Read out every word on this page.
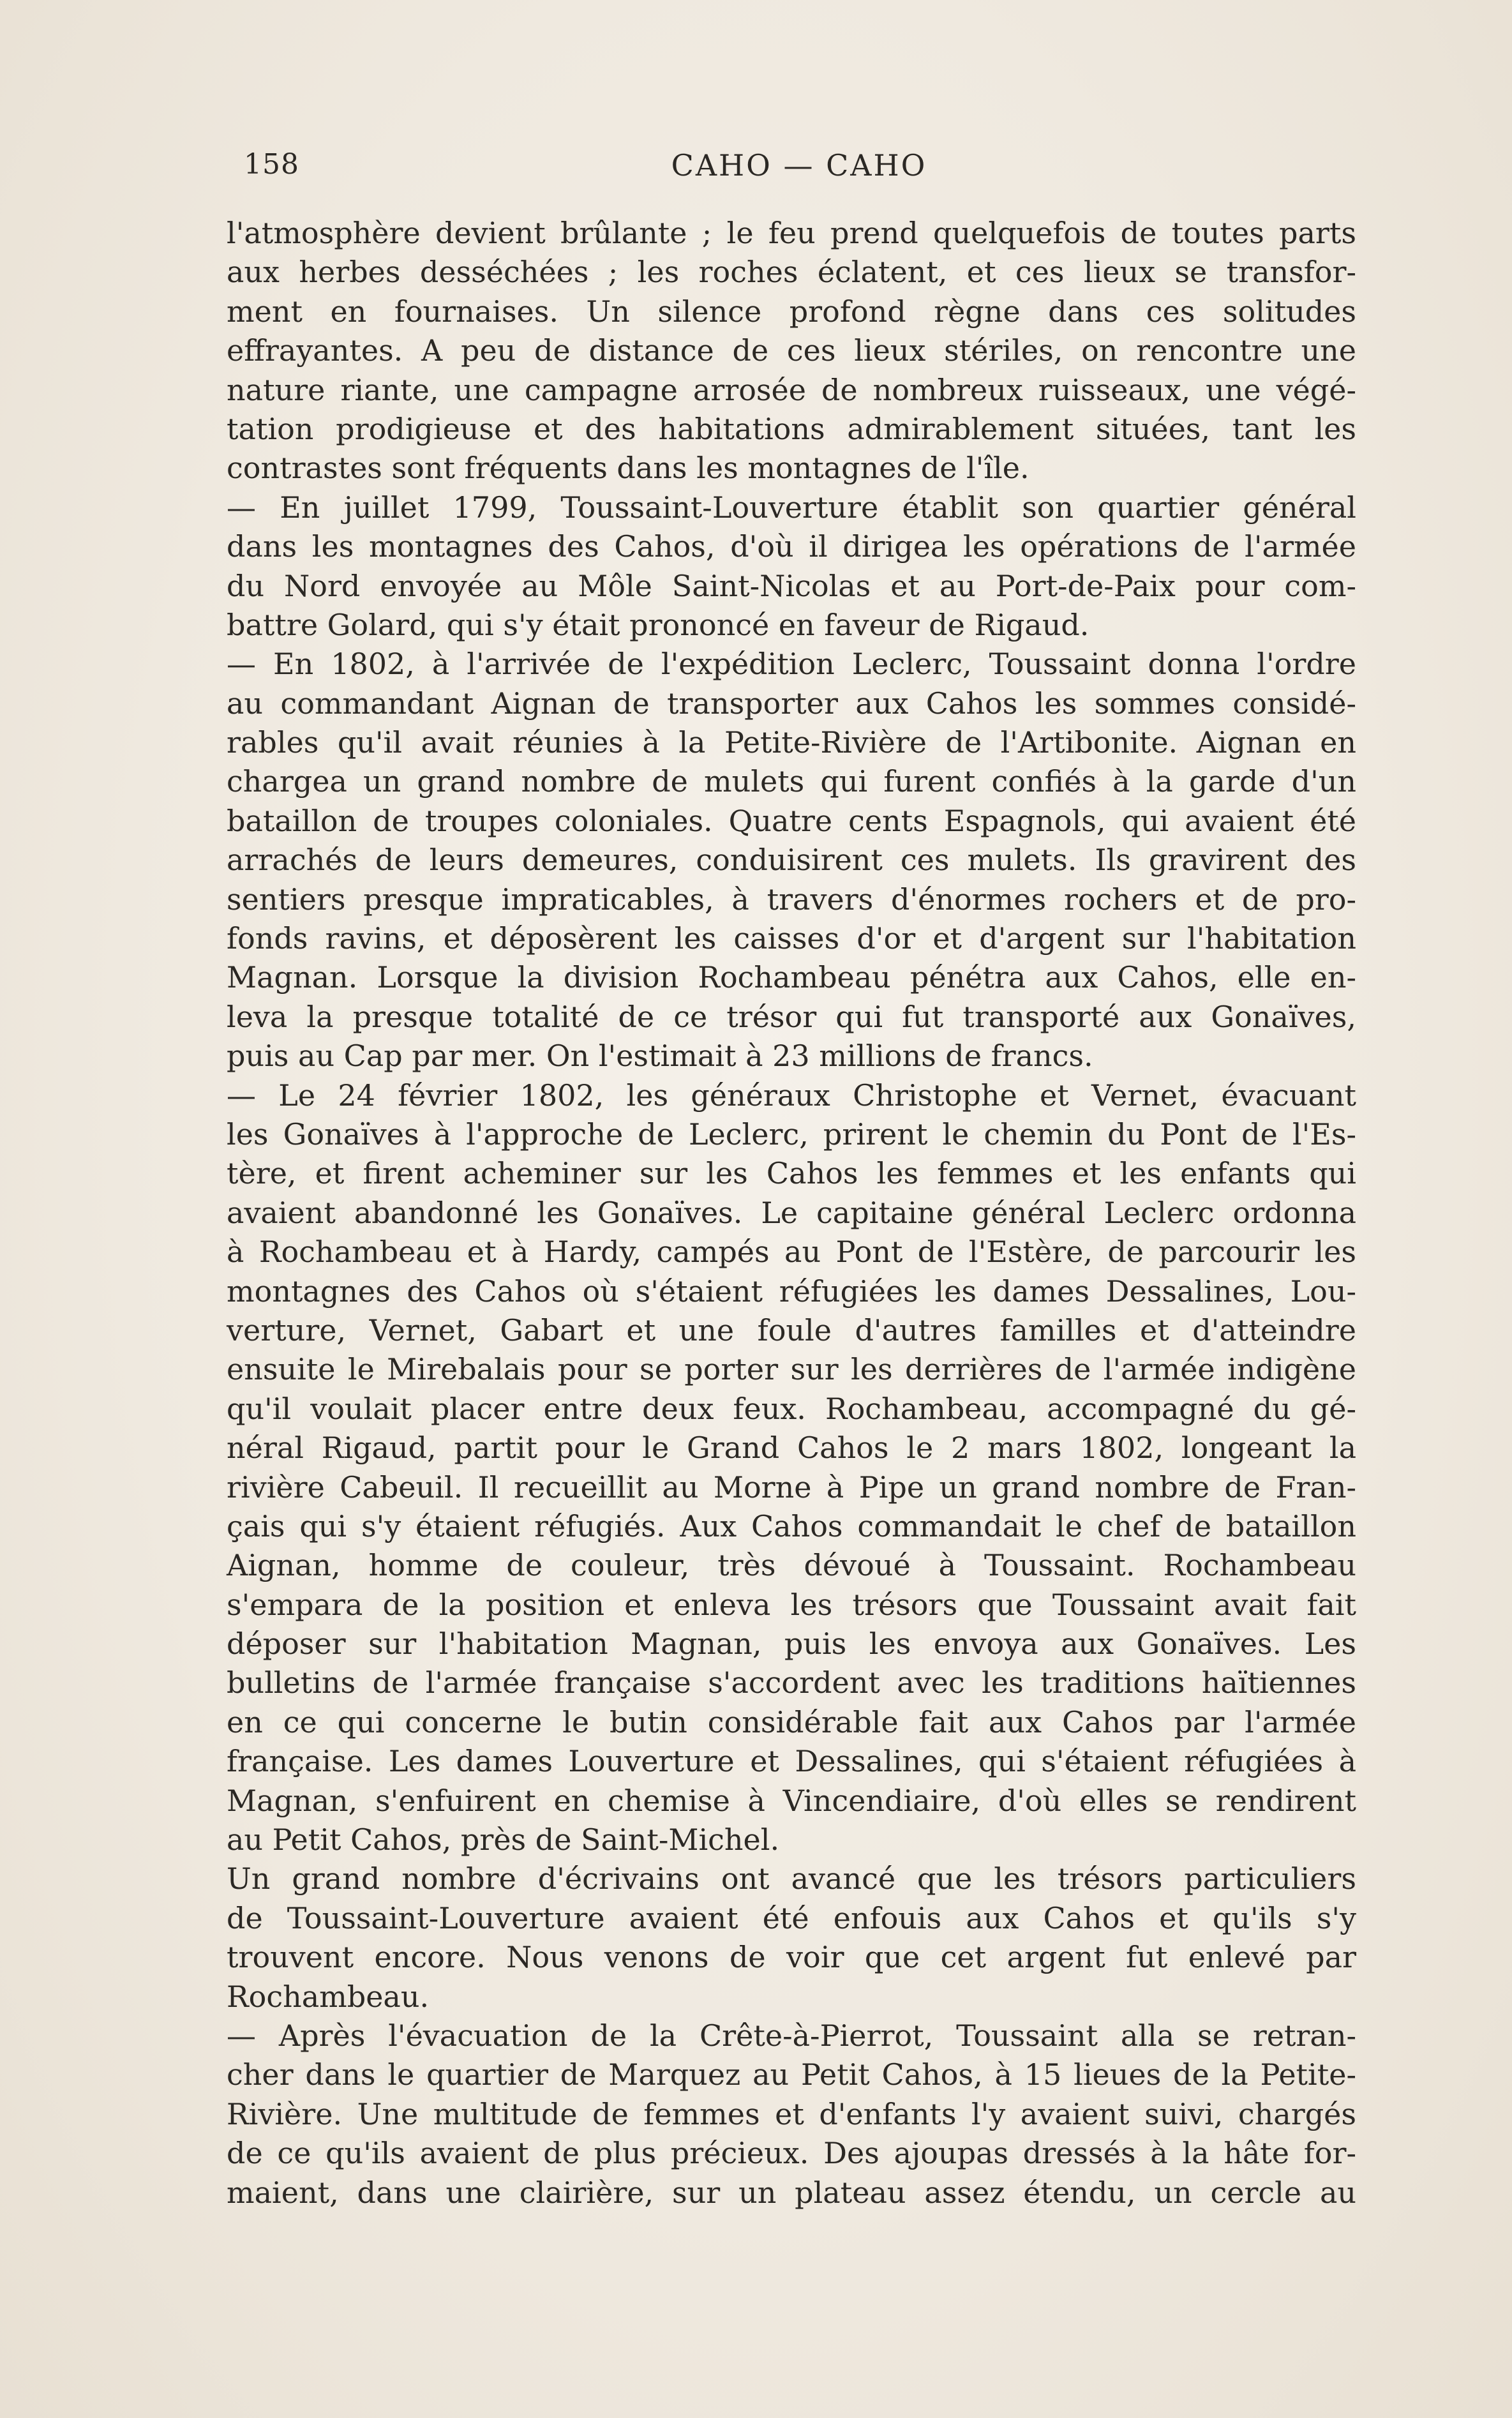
158	CAHO — CAHO
l'atmosphère devient brûlante ; le feu prend quelquefois de toutes parts
aux herbes desséchées ; les roches éclatent, et ces lieux se transfor-
ment en fournaises. Un silence profond règne dans ces solitudes
effrayantes. A peu de distance de ces lieux stériles, on rencontre une
nature riante, une campagne arrosée de nombreux ruisseaux, une végé-
tation prodigieuse et des habitations admirablement situées, tant les
contrastes sont fréquents dans les montagnes de l'île.
— En juillet 1799, Toussaint-Louverture établit son quartier général
dans les montagnes des Cahos, d'où il dirigea les opérations de l'armée
du Nord envoyée au Môle Saint-Nicolas et au Port-de-Paix pour com-
battre Golard, qui s'y était prononcé en faveur de Rigaud.
— En 1802, à l'arrivée de l'expédition Leclerc, Toussaint donna l'ordre
au commandant Aignan de transporter aux Cahos les sommes considé-
rables qu'il avait réunies à la Petite-Rivière de l'Artibonite. Aignan en
chargea un grand nombre de mulets qui furent confiés à la garde d'un
bataillon de troupes coloniales. Quatre cents Espagnols, qui avaient été
arrachés de leurs demeures, conduisirent ces mulets. Ils gravirent des
sentiers presque impraticables, à travers d'énormes rochers et de pro-
fonds ravins, et déposèrent les caisses d'or et d'argent sur l'habitation
Magnan. Lorsque la division Rochambeau pénétra aux Cahos, elle en-
leva la presque totalité de ce trésor qui fut transporté aux Gonaïves,
puis au Cap par mer. On l'estimait à 23 millions de francs.
— Le 24 février 1802, les généraux Christophe et Vernet, évacuant
les Gonaïves à l'approche de Leclerc, prirent le chemin du Pont de l'Es-
tère, et firent acheminer sur les Cahos les femmes et les enfants qui
avaient abandonné les Gonaïves. Le capitaine général Leclerc ordonna
à Rochambeau et à Hardy, campés au Pont de l'Estère, de parcourir les
montagnes des Cahos où s'étaient réfugiées les dames Dessalines, Lou-
verture, Vernet, Gabart et une foule d'autres familles et d'atteindre
ensuite le Mirebalais pour se porter sur les derrières de l'armée indigène
qu'il voulait placer entre deux feux. Rochambeau, accompagné du gé-
néral Rigaud, partit pour le Grand Cahos le 2 mars 1802, longeant la
rivière Cabeuil. Il recueillit au Morne à Pipe un grand nombre de Fran-
çais qui s'y étaient réfugiés. Aux Cahos commandait le chef de bataillon
Aignan, homme de couleur, très dévoué à Toussaint. Rochambeau
s'empara de la position et enleva les trésors que Toussaint avait fait
déposer sur l'habitation Magnan, puis les envoya aux Gonaïves. Les
bulletins de l'armée française s'accordent avec les traditions haïtiennes
en ce qui concerne le butin considérable fait aux Cahos par l'armée
française. Les dames Louverture et Dessalines, qui s'étaient réfugiées à
Magnan, s'enfuirent en chemise à Vincendiaire, d'où elles se rendirent
au Petit Cahos, près de Saint-Michel.
Un grand nombre d'écrivains ont avancé que les trésors particuliers
de Toussaint-Louverture avaient été enfouis aux Cahos et qu'ils s'y
trouvent encore. Nous venons de voir que cet argent fut enlevé par
Rochambeau.
— Après l'évacuation de la Crête-à-Pierrot, Toussaint alla se retran-
cher dans le quartier de Marquez au Petit Cahos, à 15 lieues de la Petite-
Rivière. Une multitude de femmes et d'enfants l'y avaient suivi, chargés
de ce qu'ils avaient de plus précieux. Des ajoupas dressés à la hâte for-
maient, dans une clairière, sur un plateau assez étendu, un cercle au
